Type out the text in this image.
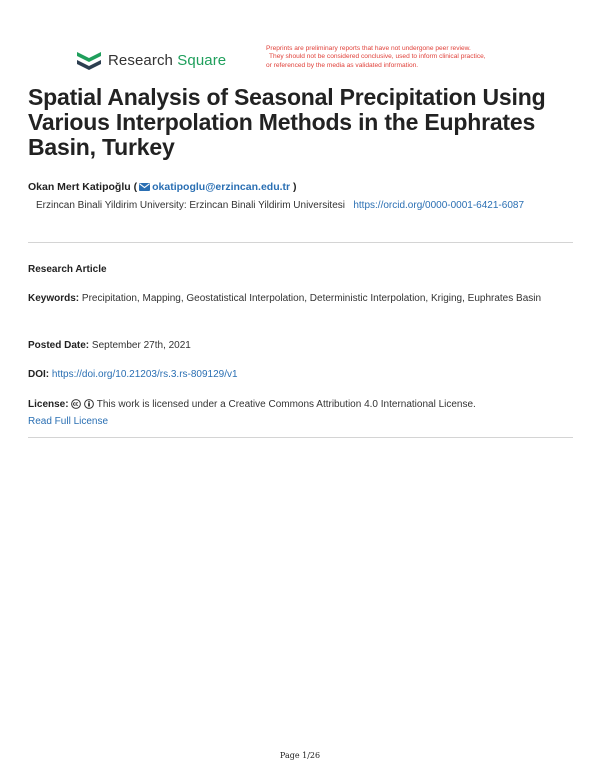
Research Square
Preprints are preliminary reports that have not undergone peer review.
They should not be considered conclusive, used to inform clinical practice,
or referenced by the media as validated information.
Spatial Analysis of Seasonal Precipitation Using Various Interpolation Methods in the Euphrates Basin, Turkey
Okan Mert Katipoğlu ( okatipoglu@erzincan.edu.tr )
Erzincan Binali Yildirim University: Erzincan Binali Yildirim Universitesi https://orcid.org/0000-0001-6421-6087
Research Article
Keywords: Precipitation, Mapping, Geostatistical Interpolation, Deterministic Interpolation, Kriging, Euphrates Basin
Posted Date: September 27th, 2021
DOI: https://doi.org/10.21203/rs.3.rs-809129/v1
License:	This work is licensed under a Creative Commons Attribution 4.0 International License.
Read Full License
Page 1/26
